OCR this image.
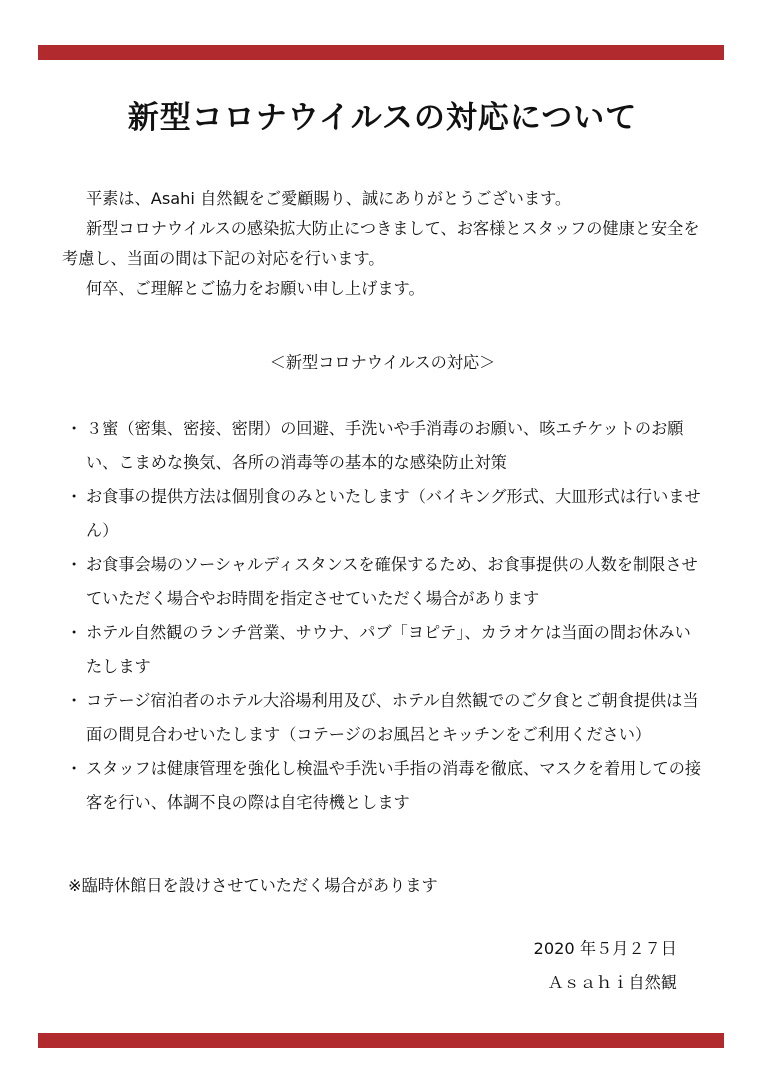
新型コロナウイルスの対応について

平素は、Asahi 自然観をご愛顧賜り、誠にありがとうございます。

新型コロナウイルスの感染拡大防止につきまして、お客様とスタッフの健康と安全を考慮し、当面の間は下記の対応を行います。

何卒、ご理解とご協力をお願い申し上げます。

＜新型コロナウイルスの対応＞
・ ３蜜（密集、密接、密閉）の回避、手洗いや手消毒のお願い、咳エチケットのお願い、こまめな換気、各所の消毒等の基本的な感染防止対策
・ お食事の提供方法は個別食のみといたします（バイキング形式、大皿形式は行いません）
・ お食事会場のソーシャルディスタンスを確保するため、お食事提供の人数を制限させていただく場合やお時間を指定させていただく場合があります
・ ホテル自然観のランチ営業、サウナ、パブ「ヨピテ」、カラオケは当面の間お休みいたします
・ コテージ宿泊者のホテル大浴場利用及び、ホテル自然観でのご夕食とご朝食提供は当面の間見合わせいたします（コテージのお風呂とキッチンをご利用ください）
・ スタッフは健康管理を強化し検温や手洗い手指の消毒を徹底、マスクを着用しての接客を行い、体調不良の際は自宅待機とします
※臨時休館日を設けさせていただく場合があります
2020 年５月２７日
Ａｓａｈｉ自然観
